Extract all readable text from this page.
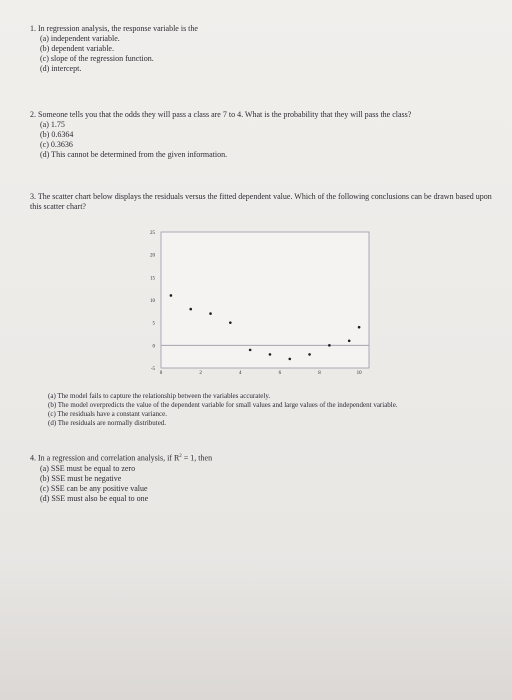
1. In regression analysis, the response variable is the
(a) independent variable.
(b) dependent variable.
(c) slope of the regression function.
(d) intercept.
2. Someone tells you that the odds they will pass a class are 7 to 4. What is the probability that they will pass the class?
(a) 1.75
(b) 0.6364
(c) 0.3636
(d) This cannot be determined from the given information.
3. The scatter chart below displays the residuals versus the fitted dependent value. Which of the following conclusions can be drawn based upon this scatter chart?
-5
0
5
10
15
20
25
0	2	4	6	8	10
(a) The model fails to capture the relationship between the variables accurately.
(b) The model overpredicts the value of the dependent variable for small values and large values of the independent variable.
(c) The residuals have a constant variance.
(d) The residuals are normally distributed.
4. In a regression and correlation analysis, if $R^2 = 1$, then
(a) SSE must be equal to zero
(b) SSE must be negative
(c) SSE can be any positive value
(d) SSE must also be equal to one
